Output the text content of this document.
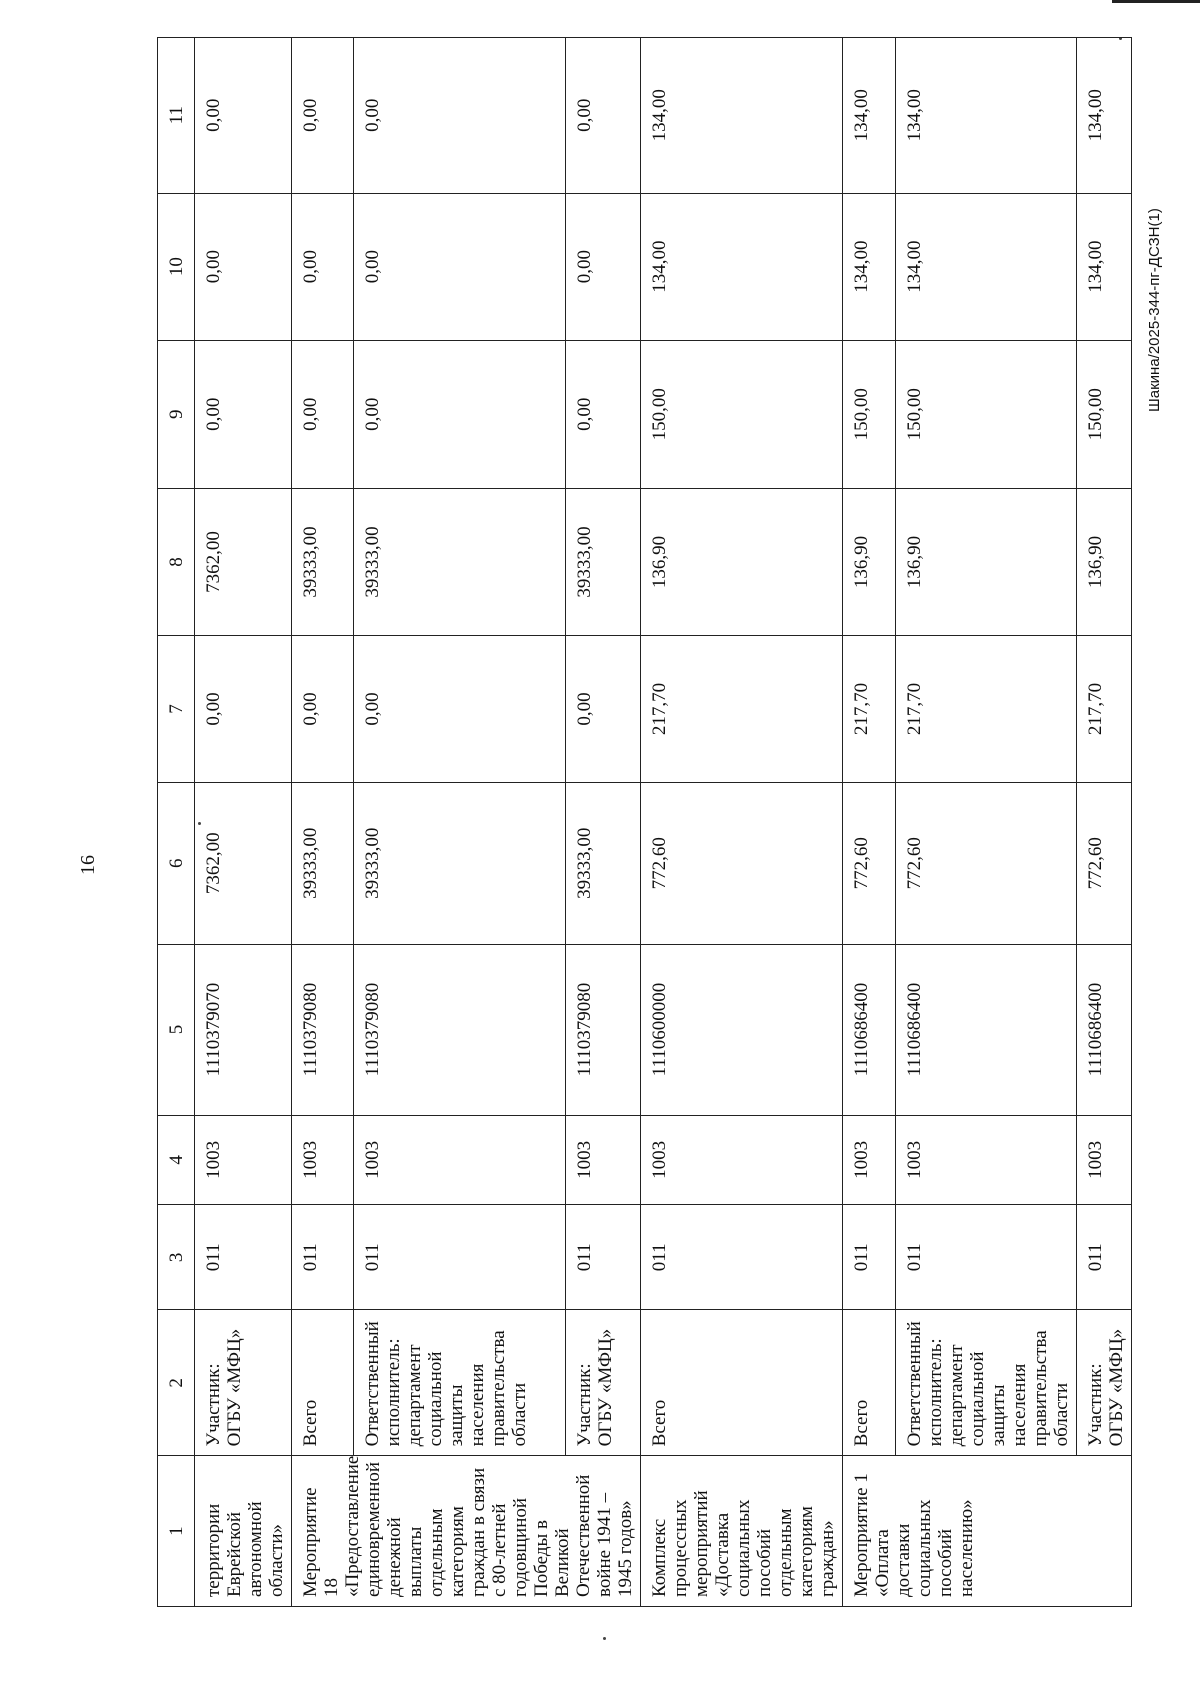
16
Шакина/2025-344-пг-ДСЗН(1)
1	2	3	4	5	6	7	8	9	10	11
территории Еврейской автономной области»	Участник: ОГБУ «МФЦ»	011	1003	1110379070	7362,00	0,00	7362,00	0,00	0,00	0,00
Мероприятие 18 «Предоставление единовременной денежной выплаты отдельным категориям граждан в связи с 80-летней годовщиной Победы в Великой Отечественной войне 1941 – 1945 годов»	Всего	011	1003	1110379080	39333,00	0,00	39333,00	0,00	0,00	0,00
	Ответственный исполнитель: департамент социальной защиты населения правительства области	011	1003	1110379080	39333,00	0,00	39333,00	0,00	0,00	0,00
	Участник: ОГБУ «МФЦ»	011	1003	1110379080	39333,00	0,00	39333,00	0,00	0,00	0,00
Комплекс процессных мероприятий «Доставка социальных пособий отдельным категориям граждан»	Всего	011	1003	1110600000	772,60	217,70	136,90	150,00	134,00	134,00
Мероприятие 1 «Оплата доставки социальных пособий населению»	Всего	011	1003	1110686400	772,60	217,70	136,90	150,00	134,00	134,00
	Ответственный исполнитель: департамент социальной защиты населения правительства области	011	1003	1110686400	772,60	217,70	136,90	150,00	134,00	134,00
	Участник: ОГБУ «МФЦ»	011	1003	1110686400	772,60	217,70	136,90	150,00	134,00	134,00
